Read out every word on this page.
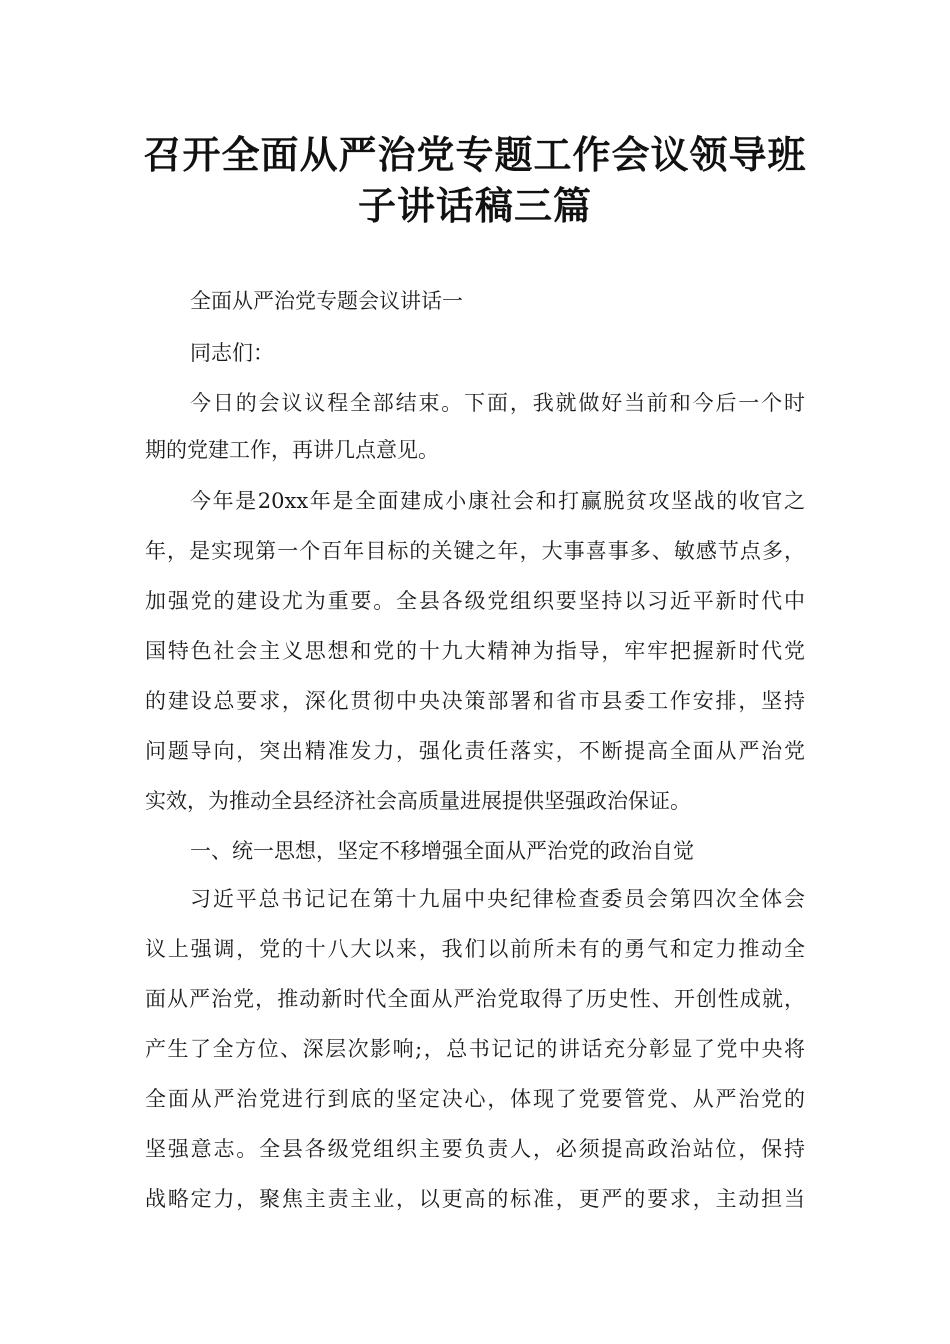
召开全面从严治党专题工作会议领导班
子讲话稿三篇

全面从严治党专题会议讲话一

同志们：

今日的会议议程全部结束。下面，我就做好当前和今后一个时

期的党建工作，再讲几点意见。

今年是20xx年是全面建成小康社会和打赢脱贫攻坚战的收官之

年，是实现第一个百年目标的关键之年，大事喜事多、敏感节点多，

加强党的建设尤为重要。全县各级党组织要坚持以习近平新时代中

国特色社会主义思想和党的十九大精神为指导，牢牢把握新时代党

的建设总要求，深化贯彻中央决策部署和省市县委工作安排，坚持

问题导向，突出精准发力，强化责任落实，不断提高全面从严治党

实效，为推动全县经济社会高质量进展提供坚强政治保证。

一、统一思想，坚定不移增强全面从严治党的政治自觉

习近平总书记记在第十九届中央纪律检查委员会第四次全体会

议上强调，党的十八大以来，我们以前所未有的勇气和定力推动全

面从严治党，推动新时代全面从严治党取得了历史性、开创性成就，

产生了全方位、深层次影响;，总书记记的讲话充分彰显了党中央将

全面从严治党进行到底的坚定决心，体现了党要管党、从严治党的

坚强意志。全县各级党组织主要负责人，必须提高政治站位，保持

战略定力，聚焦主责主业，以更高的标准，更严的要求，主动担当
